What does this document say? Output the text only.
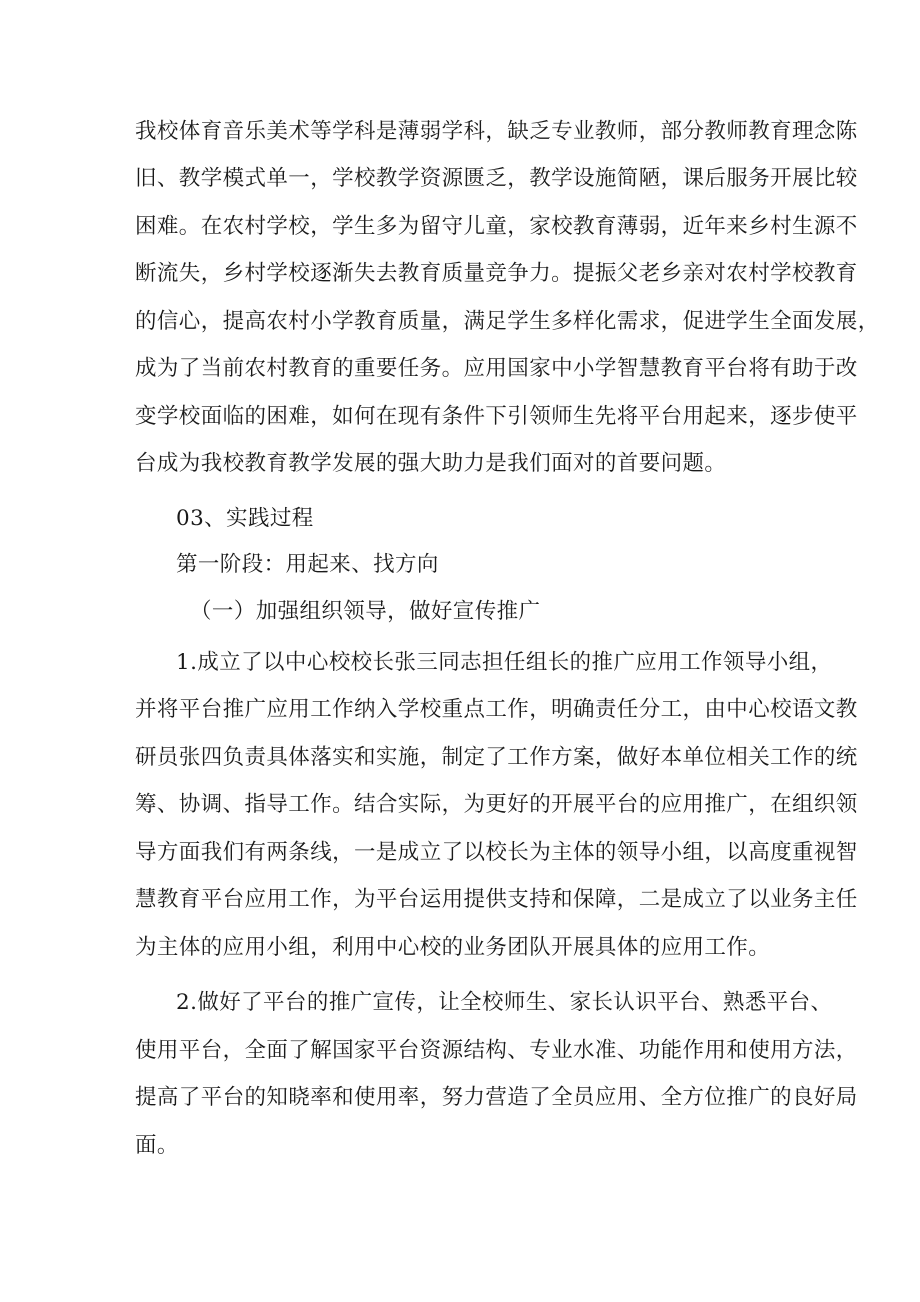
我校体育音乐美术等学科是薄弱学科，缺乏专业教师，部分教师教育理念陈
旧、教学模式单一，学校教学资源匮乏，教学设施简陋，课后服务开展比较
困难。在农村学校，学生多为留守儿童，家校教育薄弱，近年来乡村生源不
断流失，乡村学校逐渐失去教育质量竞争力。提振父老乡亲对农村学校教育
的信心，提高农村小学教育质量，满足学生多样化需求，促进学生全面发展，
成为了当前农村教育的重要任务。应用国家中小学智慧教育平台将有助于改
变学校面临的困难，如何在现有条件下引领师生先将平台用起来，逐步使平
台成为我校教育教学发展的强大助力是我们面对的首要问题。
03、实践过程
第一阶段：用起来、找方向
（一）加强组织领导，做好宣传推广
1.成立了以中心校校长张三同志担任组长的推广应用工作领导小组，
并将平台推广应用工作纳入学校重点工作，明确责任分工，由中心校语文教
研员张四负责具体落实和实施，制定了工作方案，做好本单位相关工作的统
筹、协调、指导工作。结合实际，为更好的开展平台的应用推广，在组织领
导方面我们有两条线，一是成立了以校长为主体的领导小组，以高度重视智
慧教育平台应用工作，为平台运用提供支持和保障，二是成立了以业务主任
为主体的应用小组，利用中心校的业务团队开展具体的应用工作。
2.做好了平台的推广宣传，让全校师生、家长认识平台、熟悉平台、
使用平台，全面了解国家平台资源结构、专业水准、功能作用和使用方法，
提高了平台的知晓率和使用率，努力营造了全员应用、全方位推广的良好局
面。
